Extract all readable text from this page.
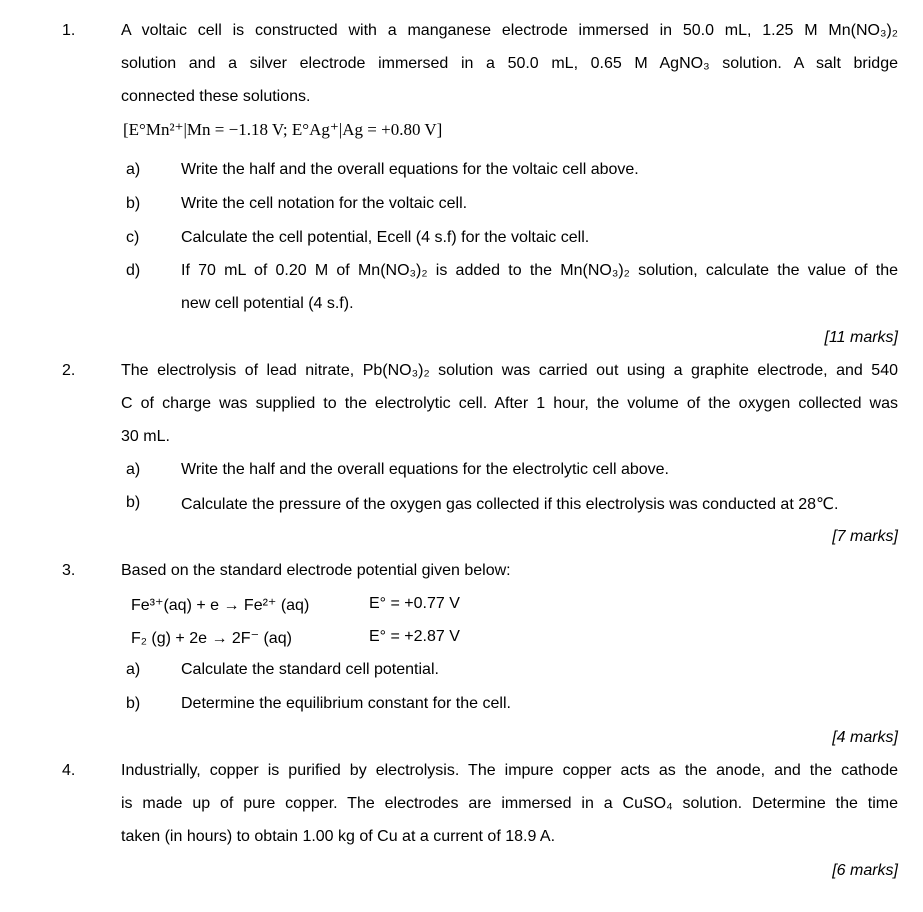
1.	A voltaic cell is constructed with a manganese electrode immersed in 50.0 mL, 1.25 M Mn(NO₃)₂
solution and a silver electrode immersed in a 50.0 mL, 0.65 M AgNO₃ solution. A salt bridge
connected these solutions.
[E°Mn²⁺|Mn = −1.18 V; E°Ag⁺|Ag = +0.80 V]
a)	Write the half and the overall equations for the voltaic cell above.
b)	Write the cell notation for the voltaic cell.
c)	Calculate the cell potential, Ecell (4 s.f) for the voltaic cell.
d)	If 70 mL of 0.20 M of Mn(NO₃)₂ is added to the Mn(NO₃)₂ solution, calculate the value of the
new cell potential (4 s.f).
[11 marks]
2.	The electrolysis of lead nitrate, Pb(NO₃)₂ solution was carried out using a graphite electrode, and 540
C of charge was supplied to the electrolytic cell. After 1 hour, the volume of the oxygen collected was
30 mL.
a)	Write the half and the overall equations for the electrolytic cell above.
b)	Calculate the pressure of the oxygen gas collected if this electrolysis was conducted at 28℃.
[7 marks]
3.	Based on the standard electrode potential given below:
Fe³⁺(aq) + e → Fe²⁺ (aq)	E° = +0.77 V
F₂ (g) + 2e → 2F⁻ (aq)	E° = +2.87 V
a)	Calculate the standard cell potential.
b)	Determine the equilibrium constant for the cell.
[4 marks]
4.	Industrially, copper is purified by electrolysis. The impure copper acts as the anode, and the cathode
is made up of pure copper. The electrodes are immersed in a CuSO₄ solution. Determine the time
taken (in hours) to obtain 1.00 kg of Cu at a current of 18.9 A.
[6 marks]
